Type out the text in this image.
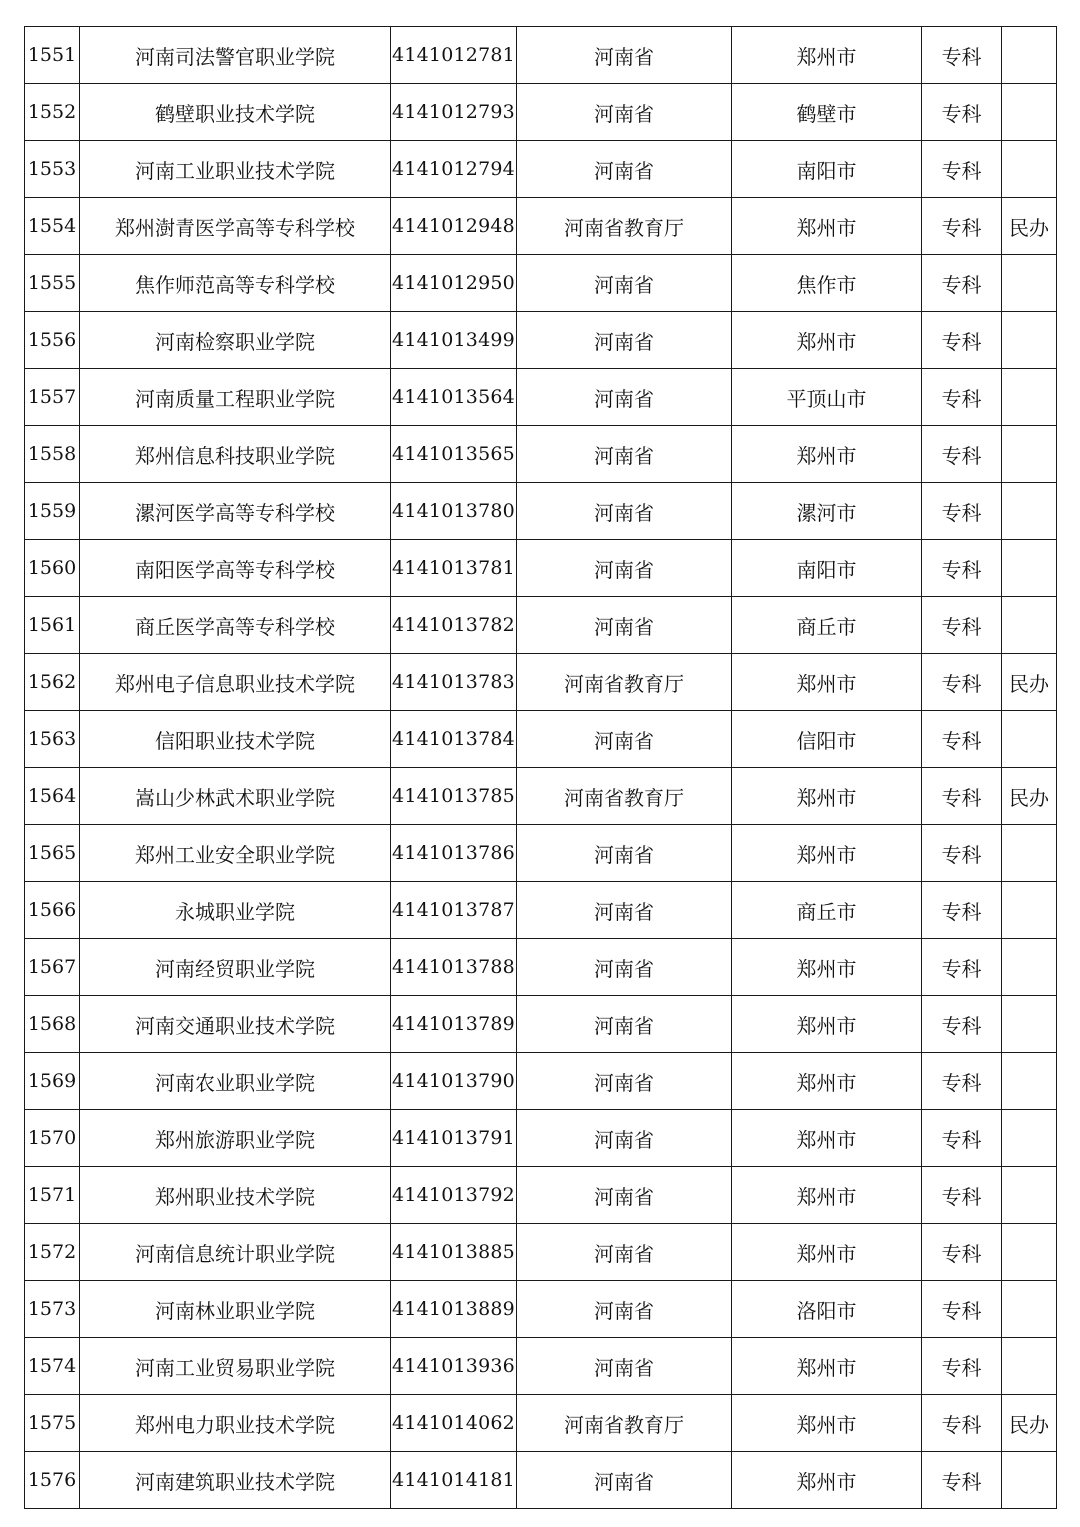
1551	河南司法警官职业学院	4141012781	河南省	郑州市	专科	
1552	鹤壁职业技术学院	4141012793	河南省	鹤壁市	专科	
1553	河南工业职业技术学院	4141012794	河南省	南阳市	专科	
1554	郑州澍青医学高等专科学校	4141012948	河南省教育厅	郑州市	专科	民办
1555	焦作师范高等专科学校	4141012950	河南省	焦作市	专科	
1556	河南检察职业学院	4141013499	河南省	郑州市	专科	
1557	河南质量工程职业学院	4141013564	河南省	平顶山市	专科	
1558	郑州信息科技职业学院	4141013565	河南省	郑州市	专科	
1559	漯河医学高等专科学校	4141013780	河南省	漯河市	专科	
1560	南阳医学高等专科学校	4141013781	河南省	南阳市	专科	
1561	商丘医学高等专科学校	4141013782	河南省	商丘市	专科	
1562	郑州电子信息职业技术学院	4141013783	河南省教育厅	郑州市	专科	民办
1563	信阳职业技术学院	4141013784	河南省	信阳市	专科	
1564	嵩山少林武术职业学院	4141013785	河南省教育厅	郑州市	专科	民办
1565	郑州工业安全职业学院	4141013786	河南省	郑州市	专科	
1566	永城职业学院	4141013787	河南省	商丘市	专科	
1567	河南经贸职业学院	4141013788	河南省	郑州市	专科	
1568	河南交通职业技术学院	4141013789	河南省	郑州市	专科	
1569	河南农业职业学院	4141013790	河南省	郑州市	专科	
1570	郑州旅游职业学院	4141013791	河南省	郑州市	专科	
1571	郑州职业技术学院	4141013792	河南省	郑州市	专科	
1572	河南信息统计职业学院	4141013885	河南省	郑州市	专科	
1573	河南林业职业学院	4141013889	河南省	洛阳市	专科	
1574	河南工业贸易职业学院	4141013936	河南省	郑州市	专科	
1575	郑州电力职业技术学院	4141014062	河南省教育厅	郑州市	专科	民办
1576	河南建筑职业技术学院	4141014181	河南省	郑州市	专科	
